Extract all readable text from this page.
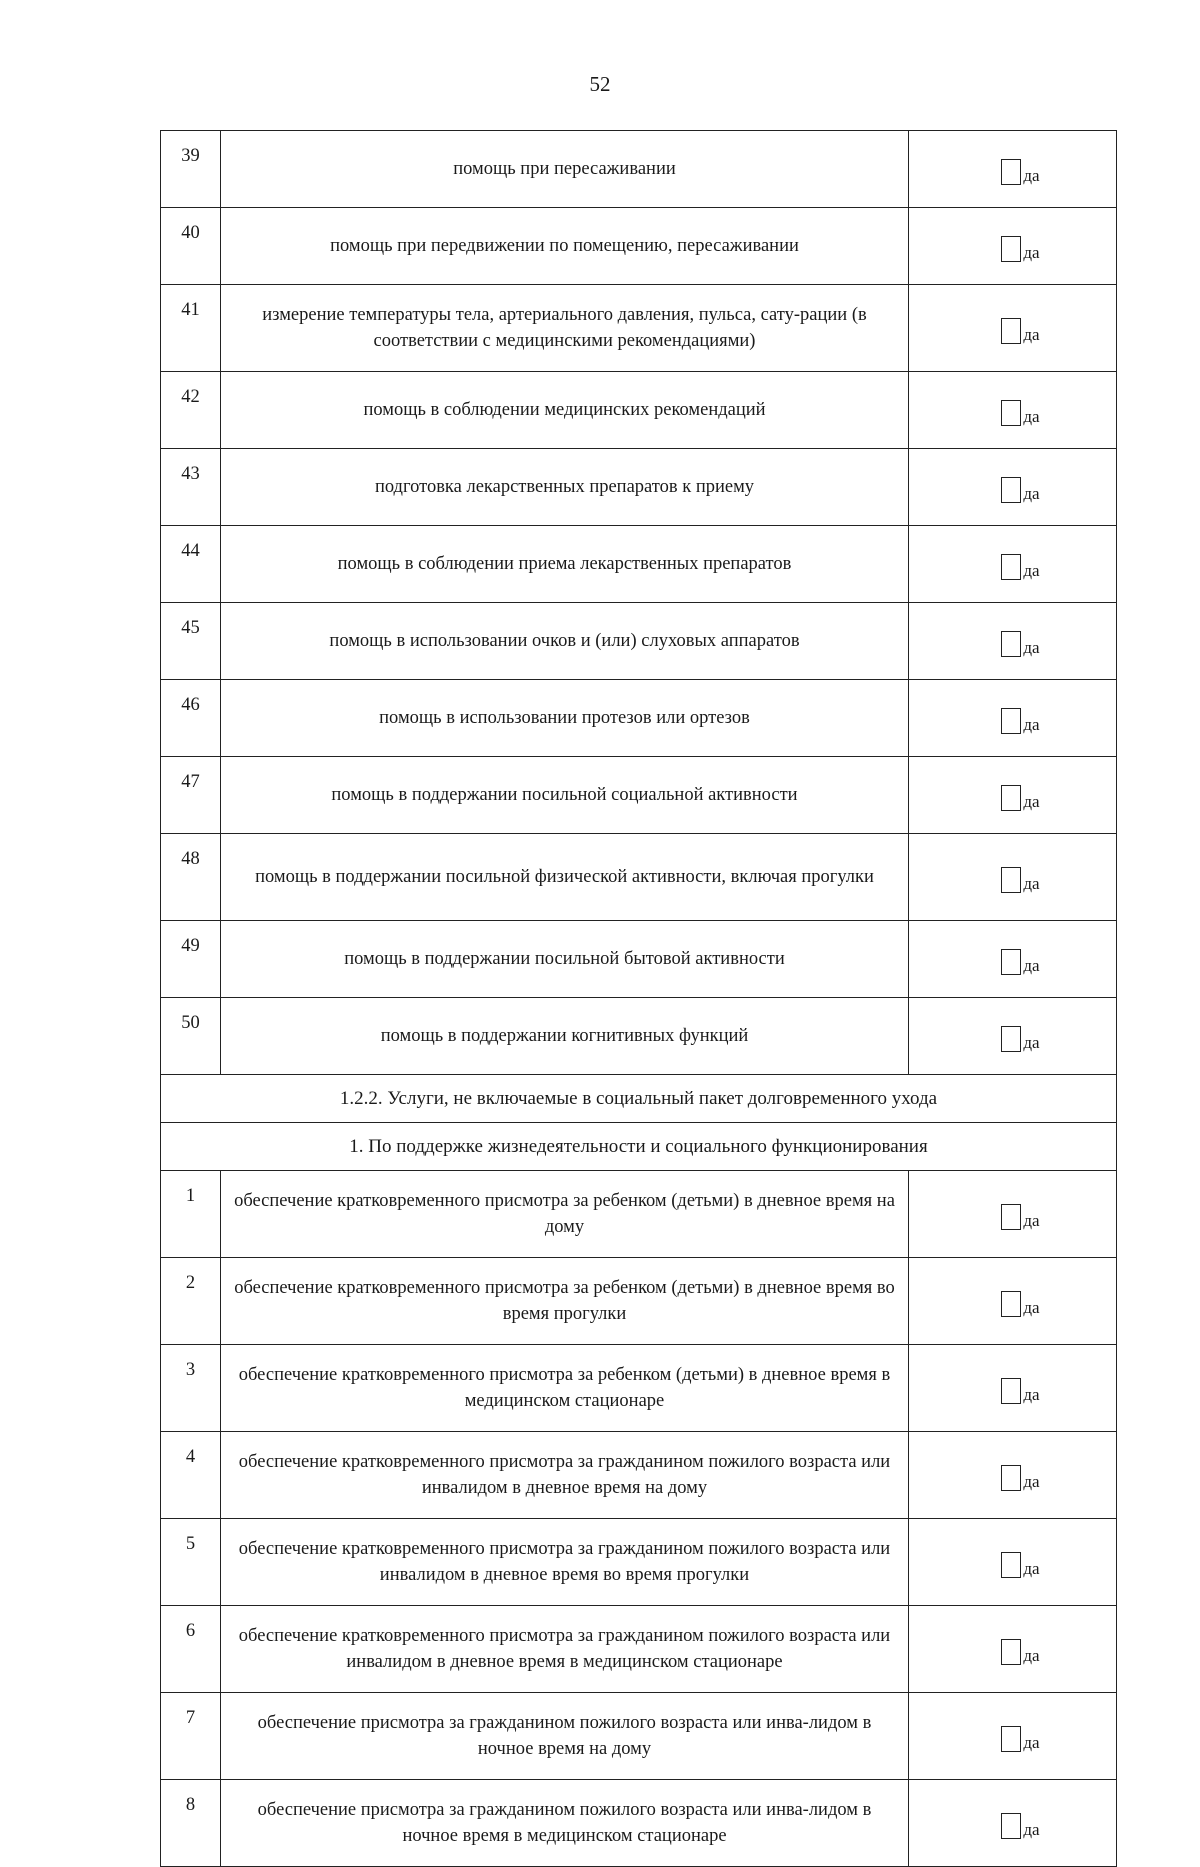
52
39	помощь при пересаживании	да

40	помощь при передвижении по помещению, пересаживании	да

41	измерение температуры тела, артериального давления, пульса, сату-рации (в соответствии с медицинскими рекомендациями)	да

42	помощь в соблюдении медицинских рекомендаций	да

43	подготовка лекарственных препаратов к приему	да

44	помощь в соблюдении приема лекарственных препаратов	да

45	помощь в использовании очков и (или) слуховых аппаратов	да

46	помощь в использовании протезов или ортезов	да

47	помощь в поддержании посильной социальной активности	да

48	помощь в поддержании посильной физической активности, включая прогулки	да

49	помощь в поддержании посильной бытовой активности	да

50	помощь в поддержании когнитивных функций	да

1.2.2. Услуги, не включаемые в социальный пакет долговременного ухода		
1. По поддержке жизнедеятельности и социального функционирования		
1	обеспечение кратковременного присмотра за ребенком (детьми) в дневное время на дому	да

2	обеспечение кратковременного присмотра за ребенком (детьми) в дневное время во время прогулки	да

3	обеспечение кратковременного присмотра за ребенком (детьми) в дневное время в медицинском стационаре	да

4	обеспечение кратковременного присмотра за гражданином пожилого возраста или инвалидом в дневное время на дому	да

5	обеспечение кратковременного присмотра за гражданином пожилого возраста или инвалидом в дневное время во время прогулки	да

6	обеспечение кратковременного присмотра за гражданином пожилого возраста или инвалидом в дневное время в медицинском стационаре	да

7	обеспечение присмотра за гражданином пожилого возраста или инва-лидом в ночное время на дому	да

8	обеспечение присмотра за гражданином пожилого возраста или инва-лидом в ночное время в медицинском стационаре	да
